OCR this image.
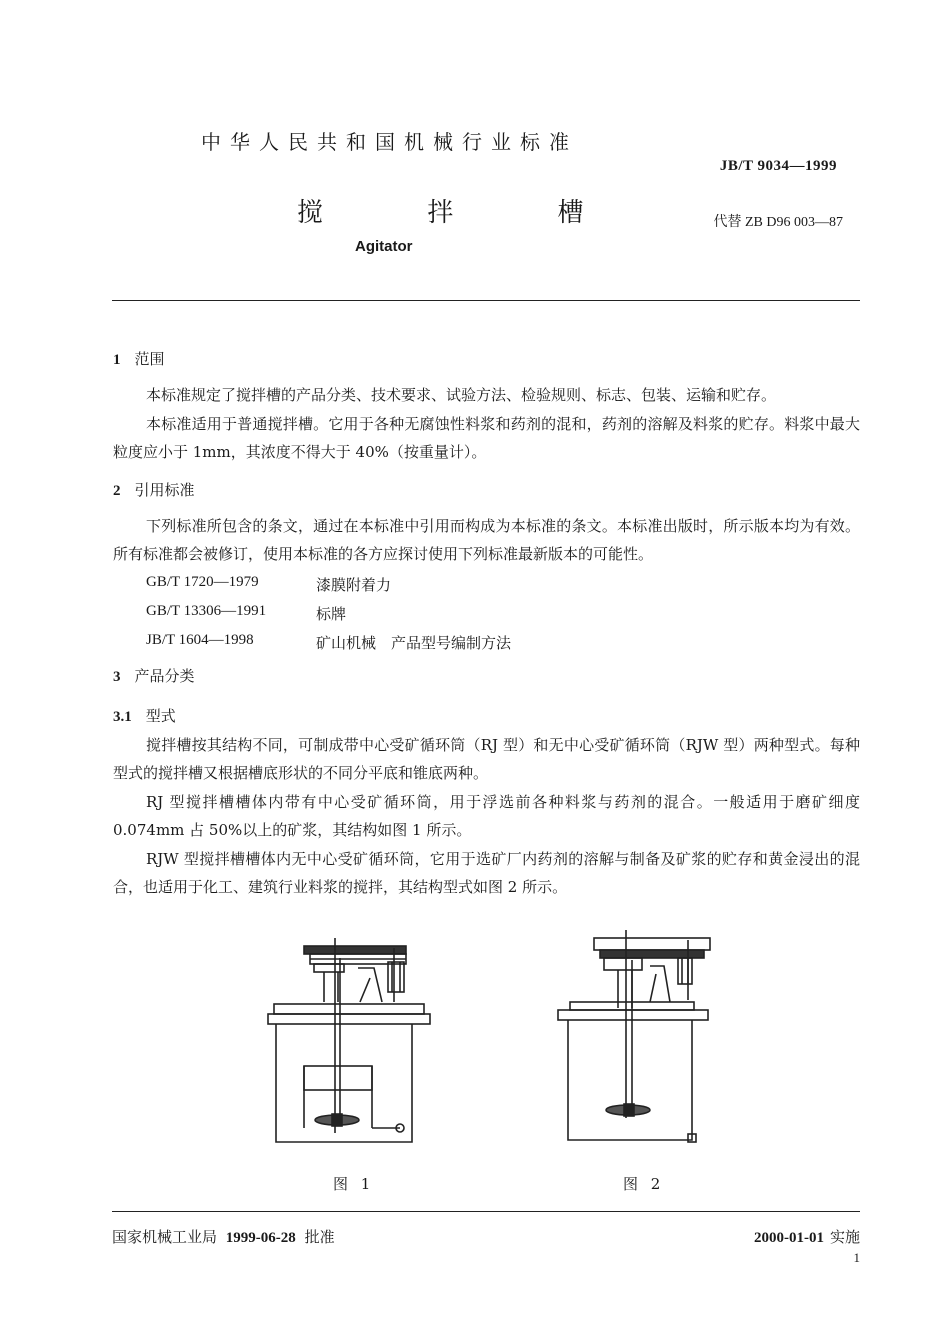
中华人民共和国机械行业标准
JB/T 9034—1999
搅 拌 槽	代替 ZB D96 003—87
Agitator
1 范围
本标准规定了搅拌槽的产品分类、技术要求、试验方法、检验规则、标志、包装、运输和贮存。
本标准适用于普通搅拌槽。它用于各种无腐蚀性料浆和药剂的混和，药剂的溶解及料浆的贮存。料浆中最大粒度应小于 1mm，其浓度不得大于 40%（按重量计）。
2 引用标准
下列标准所包含的条文，通过在本标准中引用而构成为本标准的条文。本标准出版时，所示版本均为有效。所有标准都会被修订，使用本标准的各方应探讨使用下列标准最新版本的可能性。
GB/T 1720—1979	漆膜附着力
GB/T 13306—1991	标牌
JB/T 1604—1998	矿山机械　产品型号编制方法
3 产品分类
3.1 型式
搅拌槽按其结构不同，可制成带中心受矿循环筒（RJ 型）和无中心受矿循环筒（RJW 型）两种型式。每种型式的搅拌槽又根据槽底形状的不同分平底和锥底两种。
RJ 型搅拌槽槽体内带有中心受矿循环筒，用于浮选前各种料浆与药剂的混合。一般适用于磨矿细度 0.074mm 占 50%以上的矿浆，其结构如图 1 所示。
RJW 型搅拌槽槽体内无中心受矿循环筒，它用于选矿厂内药剂的溶解与制备及矿浆的贮存和黄金浸出的混合，也适用于化工、建筑行业料浆的搅拌，其结构型式如图 2 所示。
图 1	图 2
国家机械工业局 1999-06-28 批准	2000-01-01 实施
1
